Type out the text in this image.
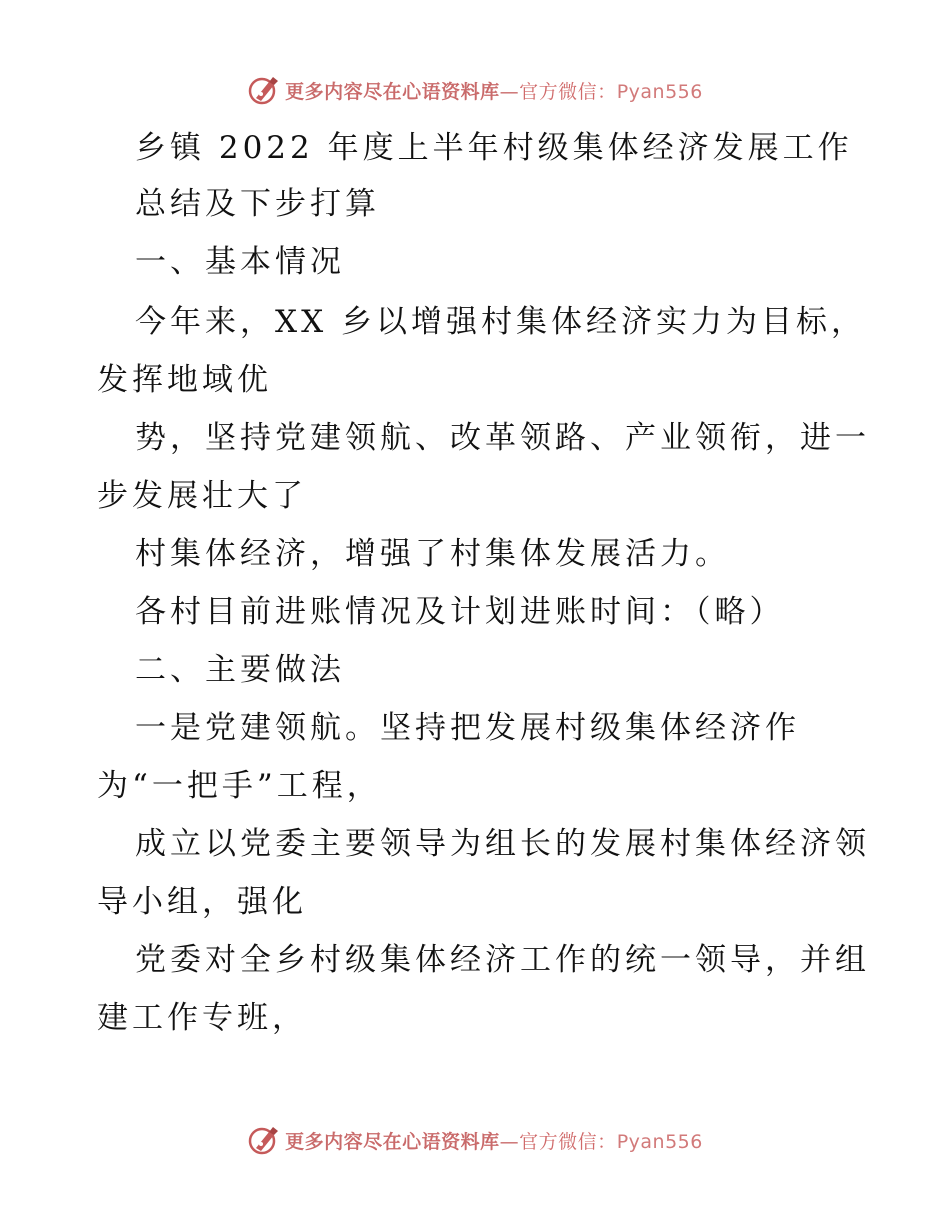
更多内容尽在心语资料库—官方微信：Pyan556
乡镇 2022 年度上半年村级集体经济发展工作
总结及下步打算
一、基本情况
今年来，XX 乡以增强村集体经济实力为目标，
发挥地域优
势，坚持党建领航、改革领路、产业领衔，进一
步发展壮大了
村集体经济，增强了村集体发展活力。
各村目前进账情况及计划进账时间：（略）
二、主要做法
一是党建领航。坚持把发展村级集体经济作
为“一把手”工程，
成立以党委主要领导为组长的发展村集体经济领
导小组，强化
党委对全乡村级集体经济工作的统一领导，并组
建工作专班，
更多内容尽在心语资料库—官方微信：Pyan556
